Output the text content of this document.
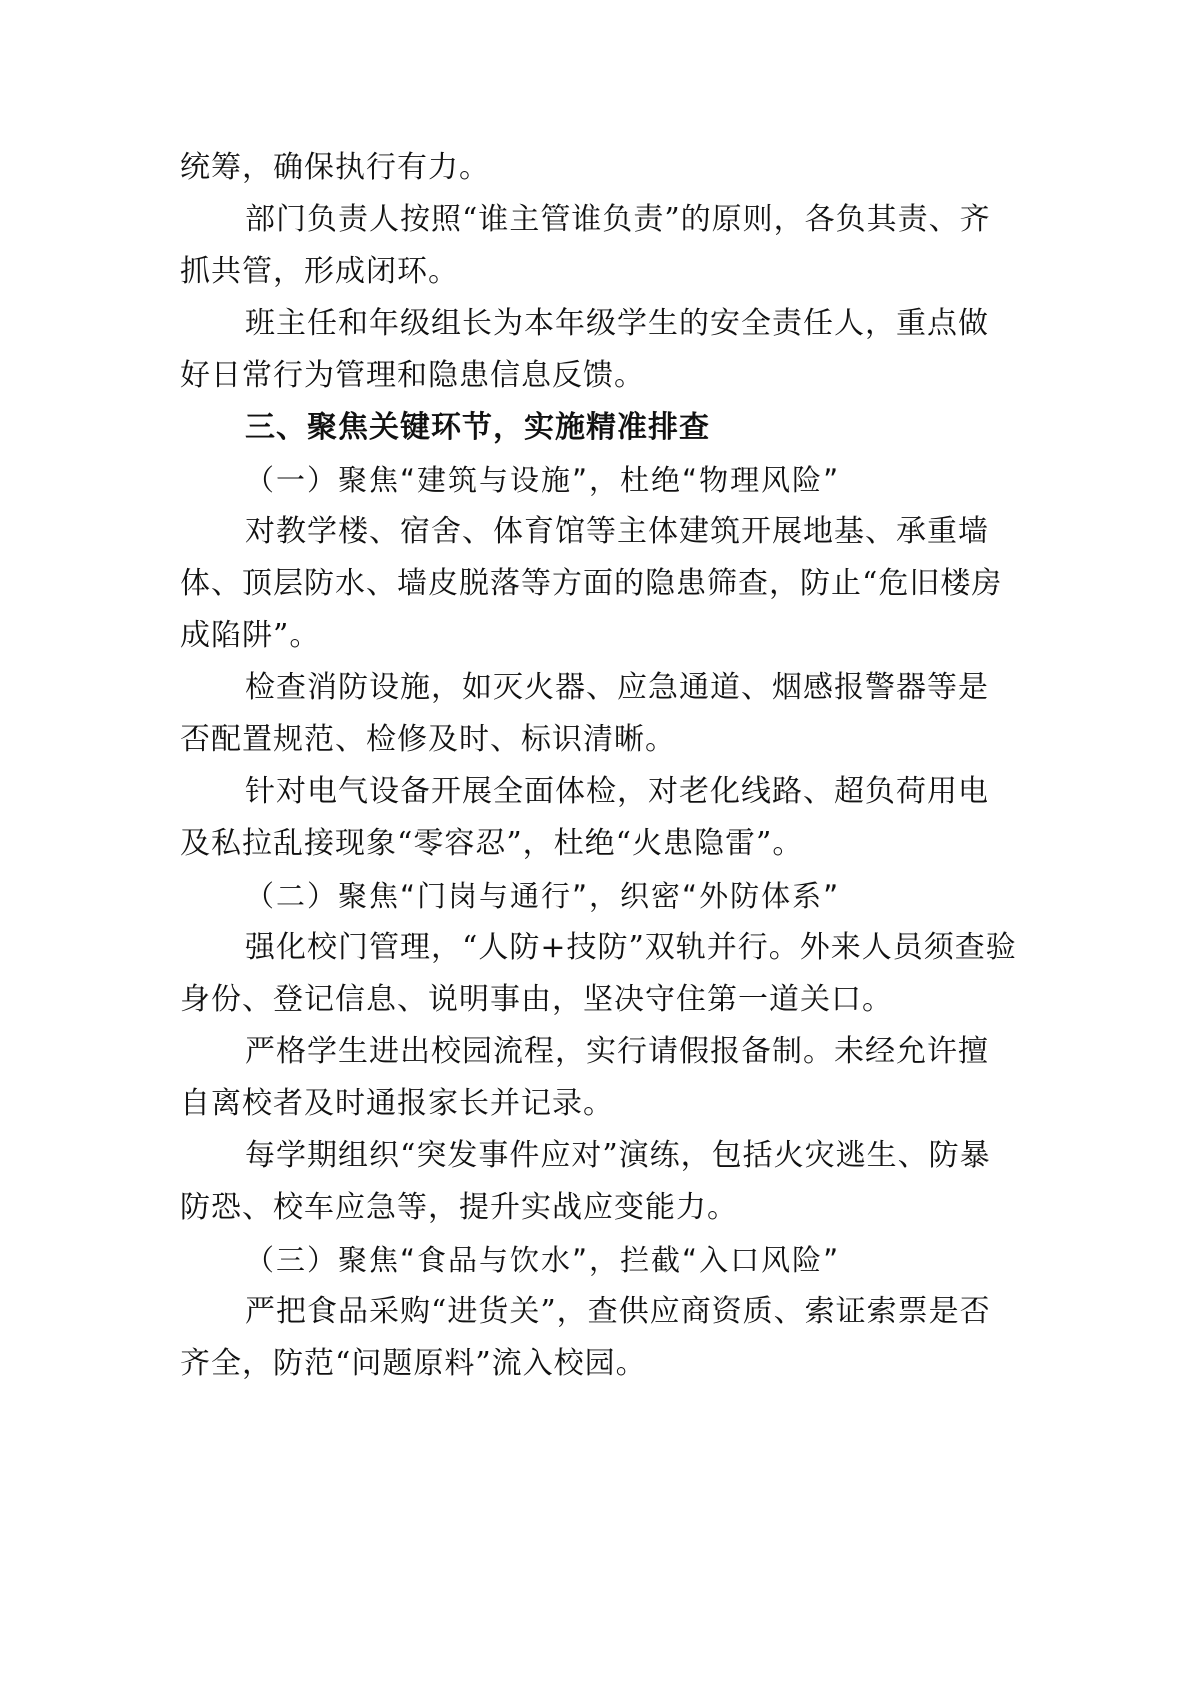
统筹，确保执行有力。
部门负责人按照“谁主管谁负责”的原则，各负其责、齐
抓共管，形成闭环。
班主任和年级组长为本年级学生的安全责任人，重点做
好日常行为管理和隐患信息反馈。
三、聚焦关键环节，实施精准排查
（一）聚焦“建筑与设施”，杜绝“物理风险”
对教学楼、宿舍、体育馆等主体建筑开展地基、承重墙
体、顶层防水、墙皮脱落等方面的隐患筛查，防止“危旧楼房
成陷阱”。
检查消防设施，如灭火器、应急通道、烟感报警器等是
否配置规范、检修及时、标识清晰。
针对电气设备开展全面体检，对老化线路、超负荷用电
及私拉乱接现象“零容忍”，杜绝“火患隐雷”。
（二）聚焦“门岗与通行”，织密“外防体系”
强化校门管理，“人防+技防”双轨并行。外来人员须查验
身份、登记信息、说明事由，坚决守住第一道关口。
严格学生进出校园流程，实行请假报备制。未经允许擅
自离校者及时通报家长并记录。
每学期组织“突发事件应对”演练，包括火灾逃生、防暴
防恐、校车应急等，提升实战应变能力。
（三）聚焦“食品与饮水”，拦截“入口风险”
严把食品采购“进货关”，查供应商资质、索证索票是否
齐全，防范“问题原料”流入校园。
